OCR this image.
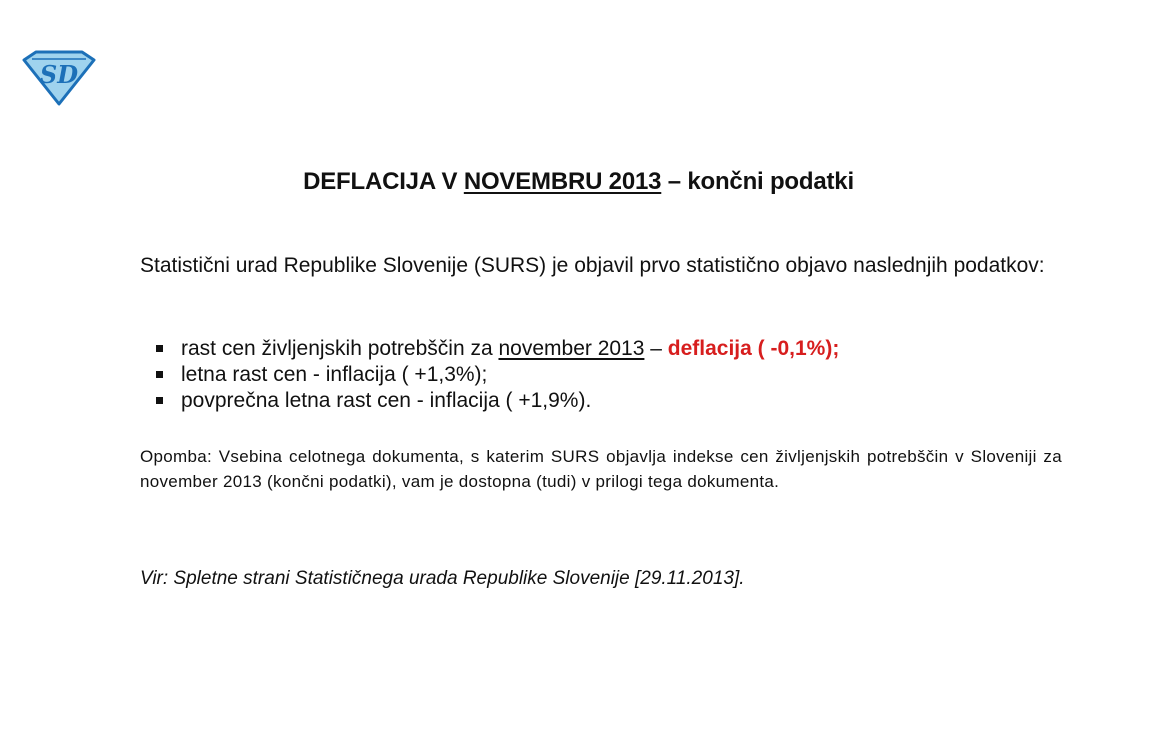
SD
DEFLACIJA V NOVEMBRU 2013 – končni podatki
Statistični urad Republike Slovenije (SURS) je objavil prvo statistično objavo naslednjih podatkov:
rast cen življenjskih potrebščin za november 2013 – deflacija ( -0,1%);
letna rast cen - inflacija ( +1,3%);
povprečna letna rast cen - inflacija ( +1,9%).
Opomba: Vsebina celotnega dokumenta, s katerim SURS objavlja indekse cen življenjskih potrebščin v Sloveniji za november 2013 (končni podatki), vam je dostopna (tudi) v prilogi tega dokumenta.
Vir: Spletne strani Statističnega urada Republike Slovenije [29.11.2013].
